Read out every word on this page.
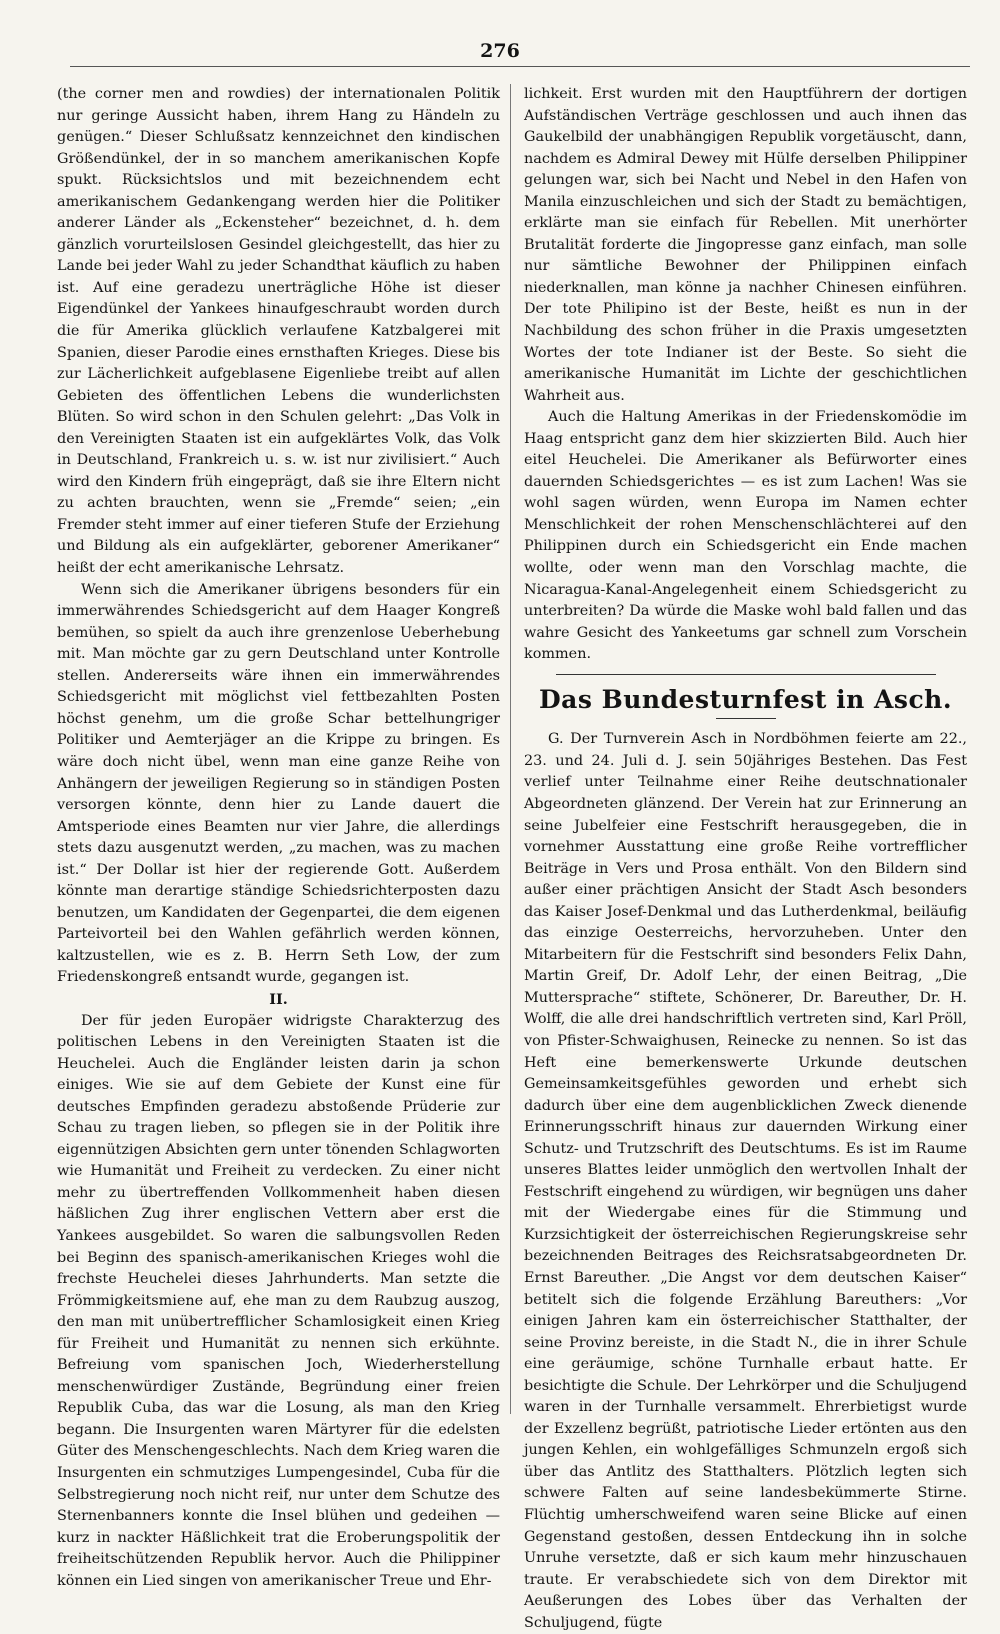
276

(the corner men and rowdies) der internationalen Politik nur geringe Aussicht haben, ihrem Hang zu Händeln zu genügen.“ Dieser Schlußsatz kennzeichnet den kindischen Größendünkel, der in so manchem amerikanischen Kopfe spukt. Rücksichtslos und mit bezeichnendem echt amerikanischem Gedankengang werden hier die Politiker anderer Länder als „Eckensteher“ bezeichnet, d. h. dem gänzlich vorurteilslosen Gesindel gleichgestellt, das hier zu Lande bei jeder Wahl zu jeder Schandthat käuflich zu haben ist. Auf eine geradezu unerträgliche Höhe ist dieser Eigendünkel der Yankees hinaufgeschraubt worden durch die für Amerika glücklich verlaufene Katzbalgerei mit Spanien, dieser Parodie eines ernsthaften Krieges. Diese bis zur Lächerlichkeit aufgeblasene Eigenliebe treibt auf allen Gebieten des öffentlichen Lebens die wunderlichsten Blüten. So wird schon in den Schulen gelehrt: „Das Volk in den Vereinigten Staaten ist ein aufgeklärtes Volk, das Volk in Deutschland, Frankreich u. s. w. ist nur zivilisiert.“ Auch wird den Kindern früh eingeprägt, daß sie ihre Eltern nicht zu achten brauchten, wenn sie „Fremde“ seien; „ein Fremder steht immer auf einer tieferen Stufe der Erziehung und Bildung als ein aufgeklärter, geborener Amerikaner“ heißt der echt amerikanische Lehrsatz.

Wenn sich die Amerikaner übrigens besonders für ein immerwährendes Schiedsgericht auf dem Haager Kongreß bemühen, so spielt da auch ihre grenzenlose Ueberhebung mit. Man möchte gar zu gern Deutschland unter Kontrolle stellen. Andererseits wäre ihnen ein immerwährendes Schiedsgericht mit möglichst viel fettbezahlten Posten höchst genehm, um die große Schar bettelhungriger Politiker und Aemterjäger an die Krippe zu bringen. Es wäre doch nicht übel, wenn man eine ganze Reihe von Anhängern der jeweiligen Regierung so in ständigen Posten versorgen könnte, denn hier zu Lande dauert die Amtsperiode eines Beamten nur vier Jahre, die allerdings stets dazu ausgenutzt werden, „zu machen, was zu machen ist.“ Der Dollar ist hier der regierende Gott. Außerdem könnte man derartige ständige Schiedsrichterposten dazu benutzen, um Kandidaten der Gegenpartei, die dem eigenen Parteivorteil bei den Wahlen gefährlich werden können, kaltzustellen, wie es z. B. Herrn Seth Low, der zum Friedenskongreß entsandt wurde, gegangen ist.

II.

Der für jeden Europäer widrigste Charakterzug des politischen Lebens in den Vereinigten Staaten ist die Heuchelei. Auch die Engländer leisten darin ja schon einiges. Wie sie auf dem Gebiete der Kunst eine für deutsches Empfinden geradezu abstoßende Prüderie zur Schau zu tragen lieben, so pflegen sie in der Politik ihre eigennützigen Absichten gern unter tönenden Schlagworten wie Humanität und Freiheit zu verdecken. Zu einer nicht mehr zu übertreffenden Vollkommenheit haben diesen häßlichen Zug ihrer englischen Vettern aber erst die Yankees ausgebildet. So waren die salbungsvollen Reden bei Beginn des spanisch-amerikanischen Krieges wohl die frechste Heuchelei dieses Jahrhunderts. Man setzte die Frömmigkeitsmiene auf, ehe man zu dem Raubzug auszog, den man mit unübertrefflicher Schamlosigkeit einen Krieg für Freiheit und Humanität zu nennen sich erkühnte. Befreiung vom spanischen Joch, Wiederherstellung menschenwürdiger Zustände, Begründung einer freien Republik Cuba, das war die Losung, als man den Krieg begann. Die Insurgenten waren Märtyrer für die edelsten Güter des Menschengeschlechts. Nach dem Krieg waren die Insurgenten ein schmutziges Lumpengesindel, Cuba für die Selbstregierung noch nicht reif, nur unter dem Schutze des Sternenbanners konnte die Insel blühen und gedeihen — kurz in nackter Häßlichkeit trat die Eroberungspolitik der freiheitschützenden Republik hervor. Auch die Philippiner können ein Lied singen von amerikanischer Treue und Ehr-

lichkeit. Erst wurden mit den Hauptführern der dortigen Aufständischen Verträge geschlossen und auch ihnen das Gaukelbild der unabhängigen Republik vorgetäuscht, dann, nachdem es Admiral Dewey mit Hülfe derselben Philippiner gelungen war, sich bei Nacht und Nebel in den Hafen von Manila einzuschleichen und sich der Stadt zu bemächtigen, erklärte man sie einfach für Rebellen. Mit unerhörter Brutalität forderte die Jingopresse ganz einfach, man solle nur sämtliche Bewohner der Philippinen einfach niederknallen, man könne ja nachher Chinesen einführen. Der tote Philipino ist der Beste, heißt es nun in der Nachbildung des schon früher in die Praxis umgesetzten Wortes der tote Indianer ist der Beste. So sieht die amerikanische Humanität im Lichte der geschichtlichen Wahrheit aus.

Auch die Haltung Amerikas in der Friedenskomödie im Haag entspricht ganz dem hier skizzierten Bild. Auch hier eitel Heuchelei. Die Amerikaner als Befürworter eines dauernden Schiedsgerichtes — es ist zum Lachen! Was sie wohl sagen würden, wenn Europa im Namen echter Menschlichkeit der rohen Menschenschlächterei auf den Philippinen durch ein Schiedsgericht ein Ende machen wollte, oder wenn man den Vorschlag machte, die Nicaragua-Kanal-Angelegenheit einem Schiedsgericht zu unterbreiten? Da würde die Maske wohl bald fallen und das wahre Gesicht des Yankeetums gar schnell zum Vorschein kommen.

Das Bundesturnfest in Asch.

G. Der Turnverein Asch in Nordböhmen feierte am 22., 23. und 24. Juli d. J. sein 50jähriges Bestehen. Das Fest verlief unter Teilnahme einer Reihe deutschnationaler Abgeordneten glänzend. Der Verein hat zur Erinnerung an seine Jubelfeier eine Festschrift herausgegeben, die in vornehmer Ausstattung eine große Reihe vortrefflicher Beiträge in Vers und Prosa enthält. Von den Bildern sind außer einer prächtigen Ansicht der Stadt Asch besonders das Kaiser Josef-Denkmal und das Lutherdenkmal, beiläufig das einzige Oesterreichs, hervorzuheben. Unter den Mitarbeitern für die Festschrift sind besonders Felix Dahn, Martin Greif, Dr. Adolf Lehr, der einen Beitrag, „Die Muttersprache“ stiftete, Schönerer, Dr. Bareuther, Dr. H. Wolff, die alle drei handschriftlich vertreten sind, Karl Pröll, von Pfister-Schwaighusen, Reinecke zu nennen. So ist das Heft eine bemerkenswerte Urkunde deutschen Gemeinsamkeitsgefühles geworden und erhebt sich dadurch über eine dem augenblicklichen Zweck dienende Erinnerungsschrift hinaus zur dauernden Wirkung einer Schutz- und Trutzschrift des Deutschtums. Es ist im Raume unseres Blattes leider unmöglich den wertvollen Inhalt der Festschrift eingehend zu würdigen, wir begnügen uns daher mit der Wiedergabe eines für die Stimmung und Kurzsichtigkeit der österreichischen Regierungskreise sehr bezeichnenden Beitrages des Reichsratsabgeordneten Dr. Ernst Bareuther. „Die Angst vor dem deutschen Kaiser“ betitelt sich die folgende Erzählung Bareuthers: „Vor einigen Jahren kam ein österreichischer Statthalter, der seine Provinz bereiste, in die Stadt N., die in ihrer Schule eine geräumige, schöne Turnhalle erbaut hatte. Er besichtigte die Schule. Der Lehrkörper und die Schuljugend waren in der Turnhalle versammelt. Ehrerbietigst wurde der Exzellenz begrüßt, patriotische Lieder ertönten aus den jungen Kehlen, ein wohlgefälliges Schmunzeln ergoß sich über das Antlitz des Statthalters. Plötzlich legten sich schwere Falten auf seine landesbekümmerte Stirne. Flüchtig umherschweifend waren seine Blicke auf einen Gegenstand gestoßen, dessen Entdeckung ihn in solche Unruhe versetzte, daß er sich kaum mehr hinzuschauen traute. Er verabschiedete sich von dem Direktor mit Aeußerungen des Lobes über das Verhalten der Schuljugend, fügte
